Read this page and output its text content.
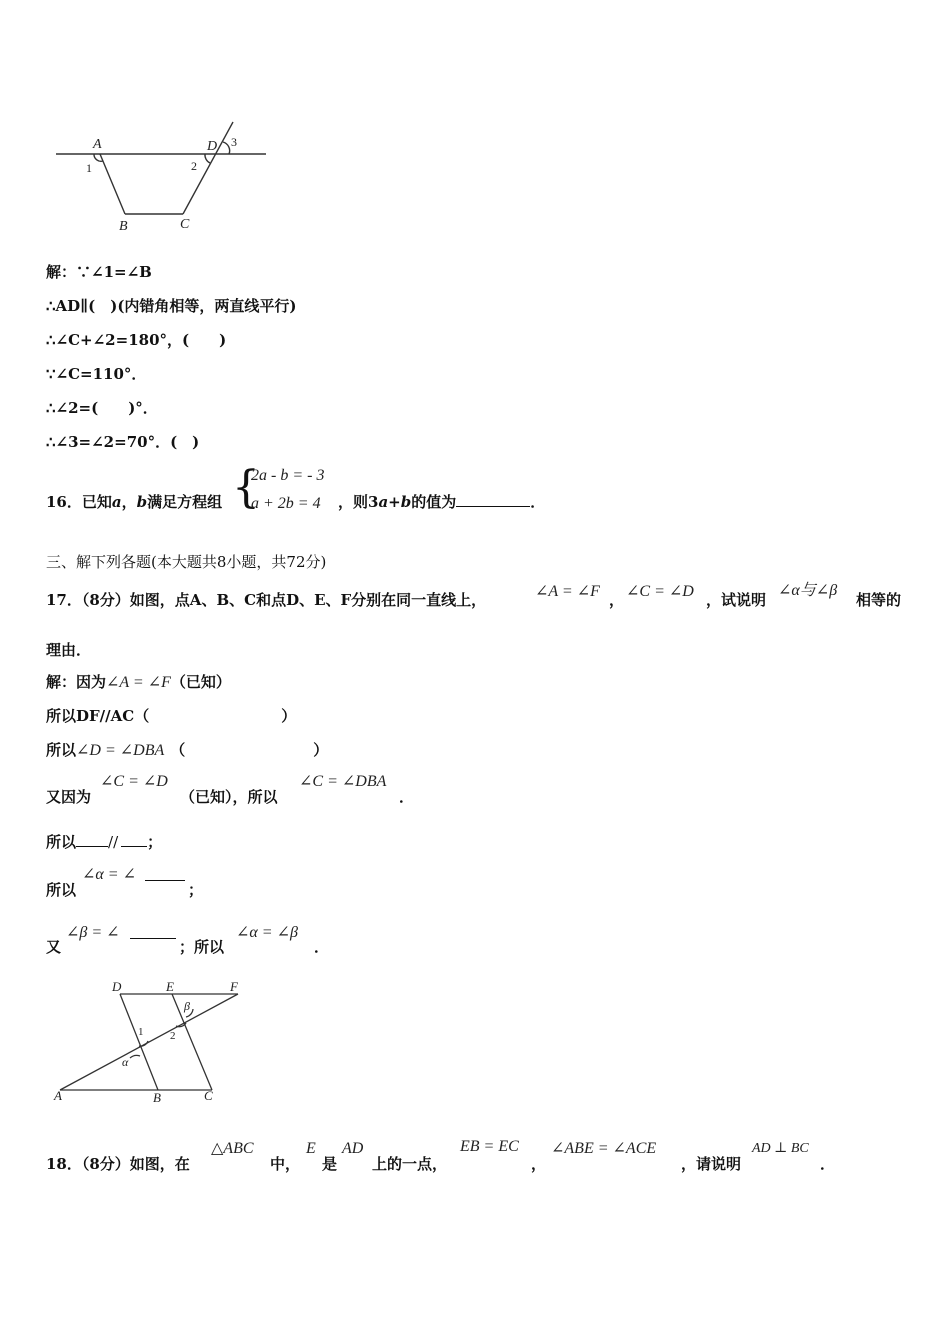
A	D
B	C
1	2
3
解：∵∠1=∠B
∴AD∥(　)(内错角相等，两直线平行)
∴∠C+∠2=180°，(　　)
∵∠C=110°．
∴∠2=(　　)°．
∴∠3=∠2=70°．(　)
16．已知a，b满足方程组 {
2a - b = - 3
a + 2b = 4 ，则3a+b的值为	．
三、解下列各题(本大题共8小题，共72分)
17．（8分）如图，点A、B、C和点D、E、F分别在同一直线上，	∠A = ∠F ， ∠C = ∠D ，试说明
∠α与∠β
相等的
理由．
解：因为∠A = ∠F（已知）
所以DF//AC（	）
所以∠D = ∠DBA （	）
又因为
∠C = ∠D
（已知），所以
∠C = ∠DBA
．
所以 // ；
所以
∠α = ∠
；
又
∠β = ∠
；所以
∠α = ∠β
．
D	E	F
A	B	C
α
β
1 2
18．（8分）如图，在
△ABC
中，
E
是
AD
上的一点，
EB = EC
，
∠ABE = ∠ACE
，请说明
AD ⊥ BC
．
